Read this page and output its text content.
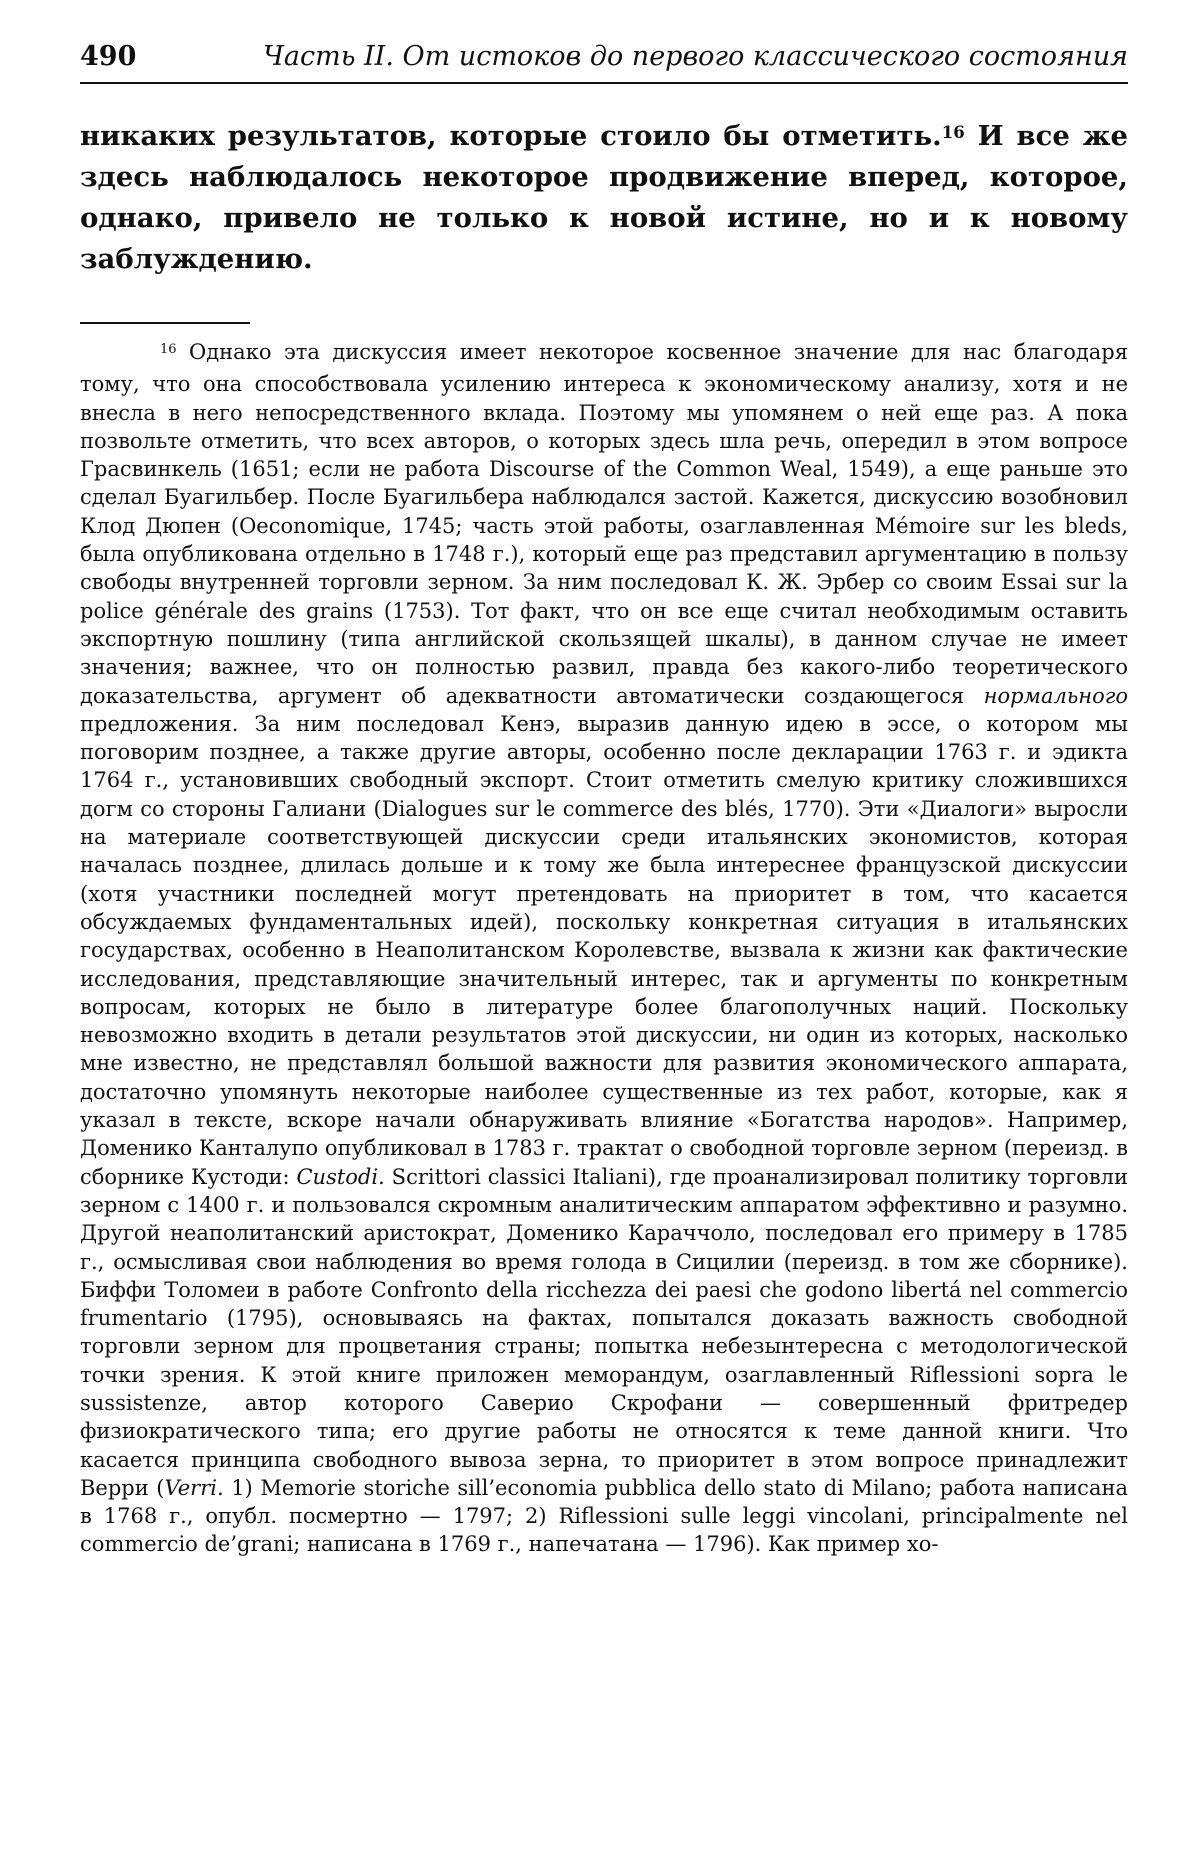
490	Часть II. От истоков до первого классического состояния

никаких результатов, которые стоило бы отметить.$^{16}$ И все же здесь наблюдалось некоторое продвижение вперед, которое, однако, привело не только к новой истине, но и к новому заблуждению.

$^{16}$ Однако эта дискуссия имеет некоторое косвенное значение для нас благодаря тому, что она способствовала усилению интереса к экономическому анализу, хотя и не внесла в него непосредственного вклада. Поэтому мы упомянем о ней еще раз. А пока позвольте отметить, что всех авторов, о которых здесь шла речь, опередил в этом вопросе Грасвинкель (1651; если не работа Discourse of the Common Weal, 1549), а еще раньше это сделал Буагильбер. После Буагильбера наблюдался застой. Кажется, дискуссию возобновил Клод Дюпен (Oeconomique, 1745; часть этой работы, озаглавленная Mémoire sur les bleds, была опубликована отдельно в 1748 г.), который еще раз представил аргументацию в пользу свободы внутренней торговли зерном. За ним последовал К. Ж. Эрбер со своим Essai sur la police générale des grains (1753). Тот факт, что он все еще считал необходимым оставить экспортную пошлину (типа английской скользящей шкалы), в данном случае не имеет значения; важнее, что он полностью развил, правда без какого-либо теоретического доказательства, аргумент об адекватности автоматически создающегося нормального предложения. За ним последовал Кенэ, выразив данную идею в эссе, о котором мы поговорим позднее, а также другие авторы, особенно после декларации 1763 г. и эдикта 1764 г., установивших свободный экспорт. Стоит отметить смелую критику сложившихся догм со стороны Галиани (Dialogues sur le commerce des blés, 1770). Эти «Диалоги» выросли на материале соответствующей дискуссии среди итальянских экономистов, которая началась позднее, длилась дольше и к тому же была интереснее французской дискуссии (хотя участники последней могут претендовать на приоритет в том, что касается обсуждаемых фундаментальных идей), поскольку конкретная ситуация в итальянских государствах, особенно в Неаполитанском Королевстве, вызвала к жизни как фактические исследования, представляющие значительный интерес, так и аргументы по конкретным вопросам, которых не было в литературе более благополучных наций. Поскольку невозможно входить в детали результатов этой дискуссии, ни один из которых, насколько мне известно, не представлял большой важности для развития экономического аппарата, достаточно упомянуть некоторые наиболее существенные из тех работ, которые, как я указал в тексте, вскоре начали обнаруживать влияние «Богатства народов». Например, Доменико Канталупо опубликовал в 1783 г. трактат о свободной торговле зерном (переизд. в сборнике Кустоди: Custodi. Scrittori classici Italiani), где проанализировал политику торговли зерном с 1400 г. и пользовался скромным аналитическим аппаратом эффективно и разумно. Другой неаполитанский аристократ, Доменико Караччоло, последовал его примеру в 1785 г., осмысливая свои наблюдения во время голода в Сицилии (переизд. в том же сборнике). Биффи Толомеи в работе Confronto della ricchezza dei paesi che godono libertá nel commercio frumentario (1795), основываясь на фактах, попытался доказать важность свободной торговли зерном для процветания страны; попытка небезынтересна с методологической точки зрения. К этой книге приложен меморандум, озаглавленный Riflessioni sopra le sussistenze, автор которого Саверио Скрофани — совершенный фритредер физиократического типа; его другие работы не относятся к теме данной книги. Что касается принципа свободного вывоза зерна, то приоритет в этом вопросе принадлежит Верри (Verri. 1) Memorie storiche sill’economia pubblica dello stato di Milano; работа написана в 1768 г., опубл. посмертно — 1797; 2) Riflessioni sulle leggi vincolani, principalmente nel commercio de’grani; написана в 1769 г., напечатана — 1796). Как пример хо-
